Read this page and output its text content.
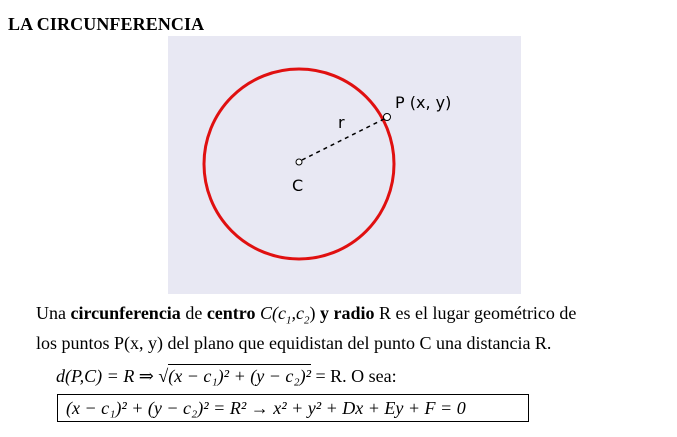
LA CIRCUNFERENCIA
r
C
P (x, y)
Una circunferencia de centro $C(c_1,c_2)$ y radio R es el lugar geométrico de
los puntos P(x, y) del plano que equidistan del punto C una distancia R.
d(P,C) = R ⇒ √(x − c₁)² + (y − c₂)² = R. O sea:
(x − c₁)² + (y − c₂)² = R² → x² + y² + Dx + Ey + F = 0
